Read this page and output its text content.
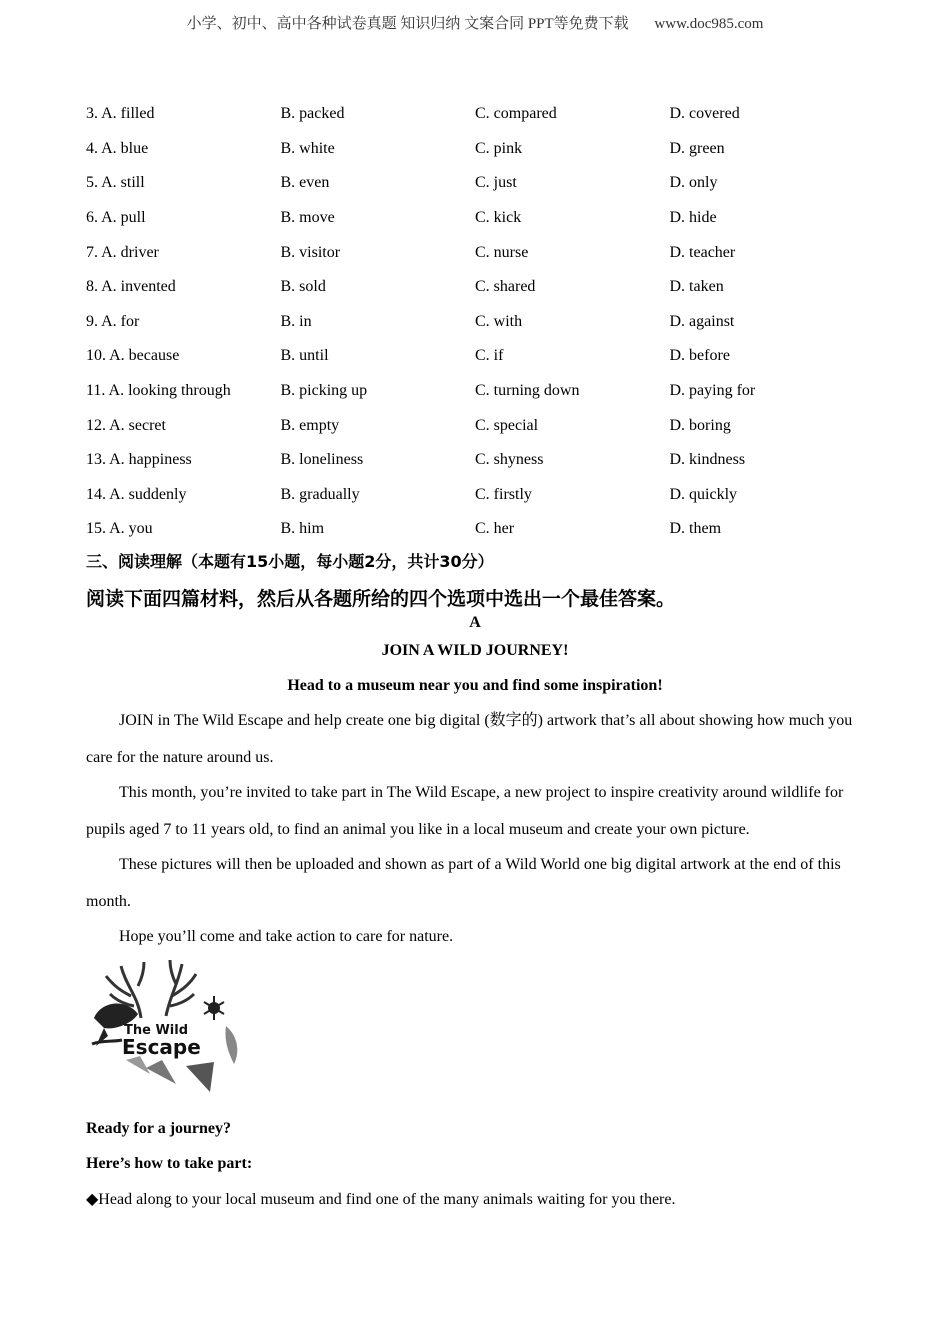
小学、初中、高中各种试卷真题 知识归纳 文案合同 PPT等免费下载 www.doc985.com
3. A. filled	B. packed	C. compared	D. covered
4. A. blue	B. white	C. pink	D. green
5. A. still	B. even	C. just	D. only
6. A. pull	B. move	C. kick	D. hide
7. A. driver	B. visitor	C. nurse	D. teacher
8. A. invented	B. sold	C. shared	D. taken
9. A. for	B. in	C. with	D. against
10. A. because	B. until	C. if	D. before
11. A. looking through	B. picking up	C. turning down	D. paying for
12. A. secret	B. empty	C. special	D. boring
13. A. happiness	B. loneliness	C. shyness	D. kindness
14. A. suddenly	B. gradually	C. firstly	D. quickly
15. A. you	B. him	C. her	D. them
三、阅读理解（本题有15小题，每小题2分，共计30分）
阅读下面四篇材料，然后从各题所给的四个选项中选出一个最佳答案。
A
JOIN A WILD JOURNEY!
Head to a museum near you and find some inspiration!
JOIN in The Wild Escape and help create one big digital (数字的) artwork that’s all about showing how much you care for the nature around us.
This month, you’re invited to take part in The Wild Escape, a new project to inspire creativity around wildlife for pupils aged 7 to 11 years old, to find an animal you like in a local museum and create your own picture.
These pictures will then be uploaded and shown as part of a Wild World one big digital artwork at the end of this month.
Hope you’ll come and take action to care for nature.
The Wild
Escape
Ready for a journey?
Here’s how to take part:
◆Head along to your local museum and find one of the many animals waiting for you there.
